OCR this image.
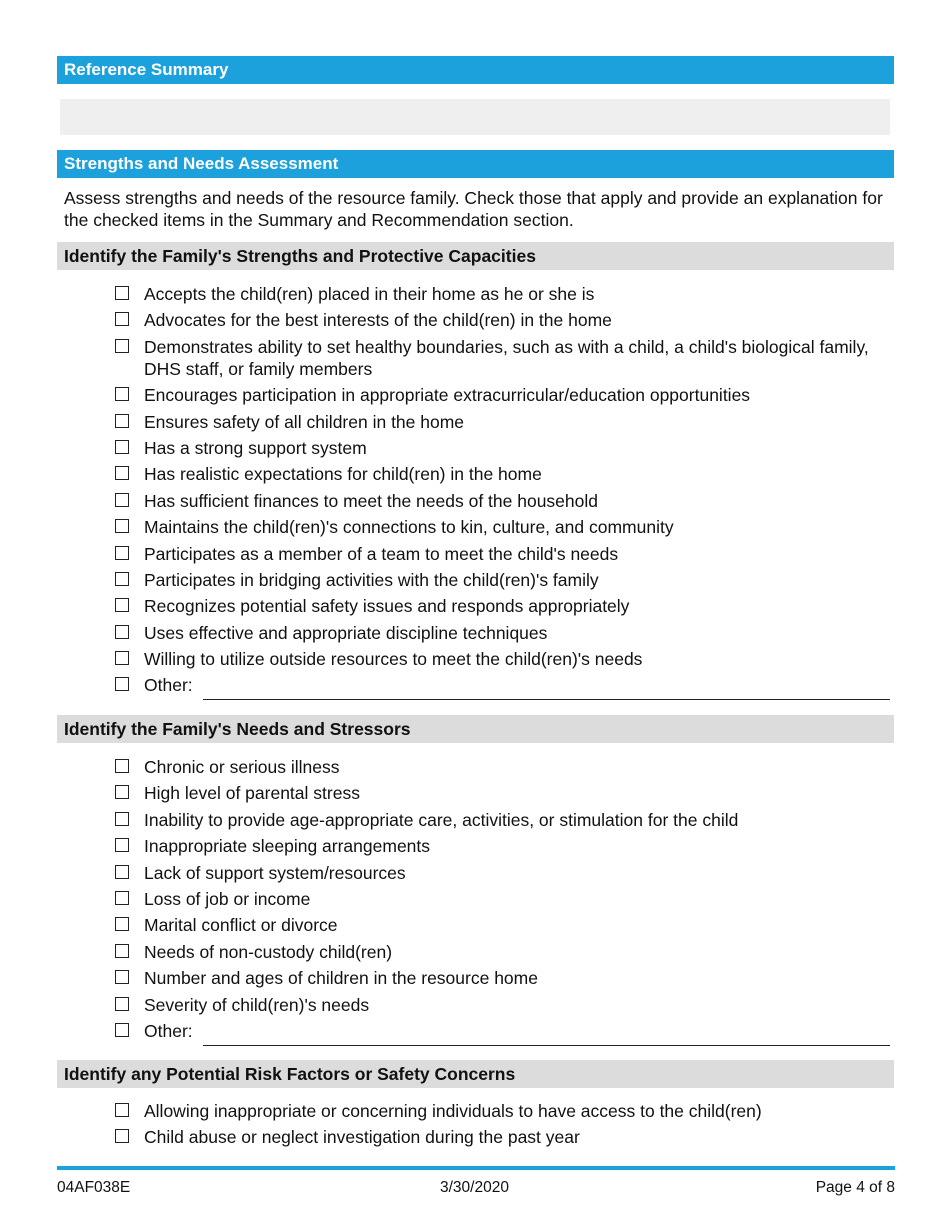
Reference Summary
Strengths and Needs Assessment
Assess strengths and needs of the resource family. Check those that apply and provide an explanation for the checked items in the Summary and Recommendation section.
Identify the Family's Strengths and Protective Capacities
Accepts the child(ren) placed in their home as he or she is
Advocates for the best interests of the child(ren) in the home
Demonstrates ability to set healthy boundaries, such as with a child, a child's biological family, DHS staff, or family members
Encourages participation in appropriate extracurricular/education opportunities
Ensures safety of all children in the home
Has a strong support system
Has realistic expectations for child(ren) in the home
Has sufficient finances to meet the needs of the household
Maintains the child(ren)'s connections to kin, culture, and community
Participates as a member of a team to meet the child's needs
Participates in bridging activities with the child(ren)'s family
Recognizes potential safety issues and responds appropriately
Uses effective and appropriate discipline techniques
Willing to utilize outside resources to meet the child(ren)'s needs
Other:
Identify the Family's Needs and Stressors
Chronic or serious illness
High level of parental stress
Inability to provide age-appropriate care, activities, or stimulation for the child
Inappropriate sleeping arrangements
Lack of support system/resources
Loss of job or income
Marital conflict or divorce
Needs of non-custody child(ren)
Number and ages of children in the resource home
Severity of child(ren)'s needs
Other:
Identify any Potential Risk Factors or Safety Concerns
Allowing inappropriate or concerning individuals to have access to the child(ren)
Child abuse or neglect investigation during the past year
04AF038E	3/30/2020	Page 4 of 8
